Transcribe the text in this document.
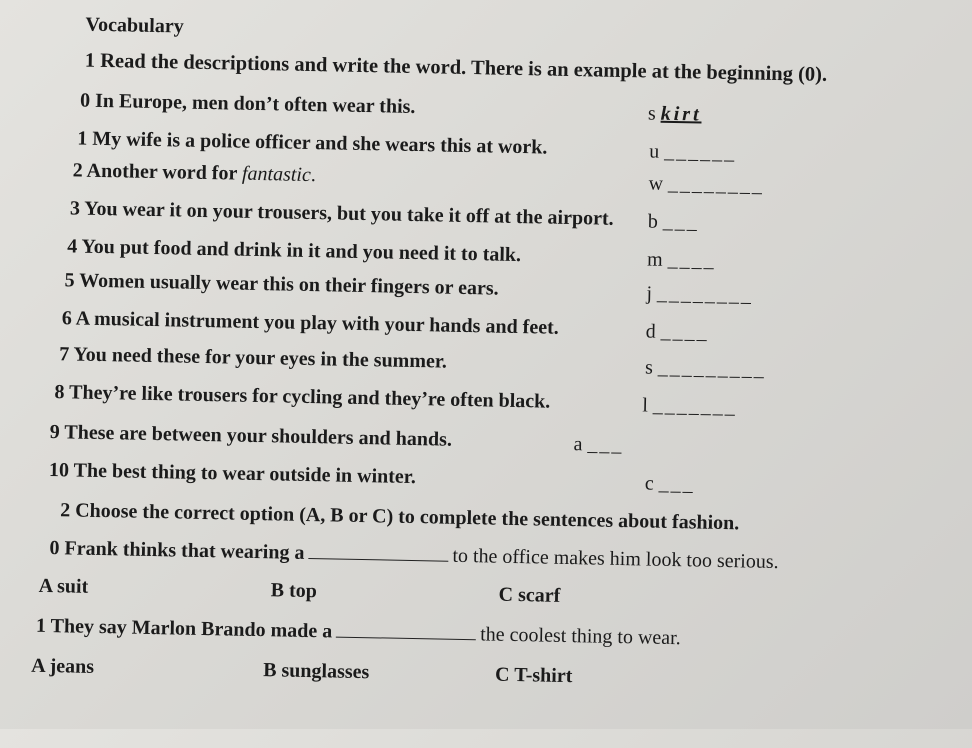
Vocabulary
1 Read the descriptions and write the word. There is an example at the beginning (0).
0 In Europe, men don’t often wear this.	s kirt
1 My wife is a police officer and she wears this at work.	u ______
2 Another word for fantastic.	w ________
3 You wear it on your trousers, but you take it off at the airport. b ___
4 You put food and drink in it and you need it to talk.	m ____
5 Women usually wear this on their fingers or ears.	j ________
6 A musical instrument you play with your hands and feet.	d ____
7 You need these for your eyes in the summer.	s _________
8 They’re like trousers for cycling and they’re often black.	l _______
9 These are between your shoulders and hands.	a ___
10 The best thing to wear outside in winter.	c ___
2 Choose the correct option (A, B or C) to complete the sentences about fashion.
0 Frank thinks that wearing a	to the office makes him look too serious.
A suit	B top	C scarf
1 They say Marlon Brando made a	the coolest thing to wear.
A jeans	B sunglasses	C T-shirt
